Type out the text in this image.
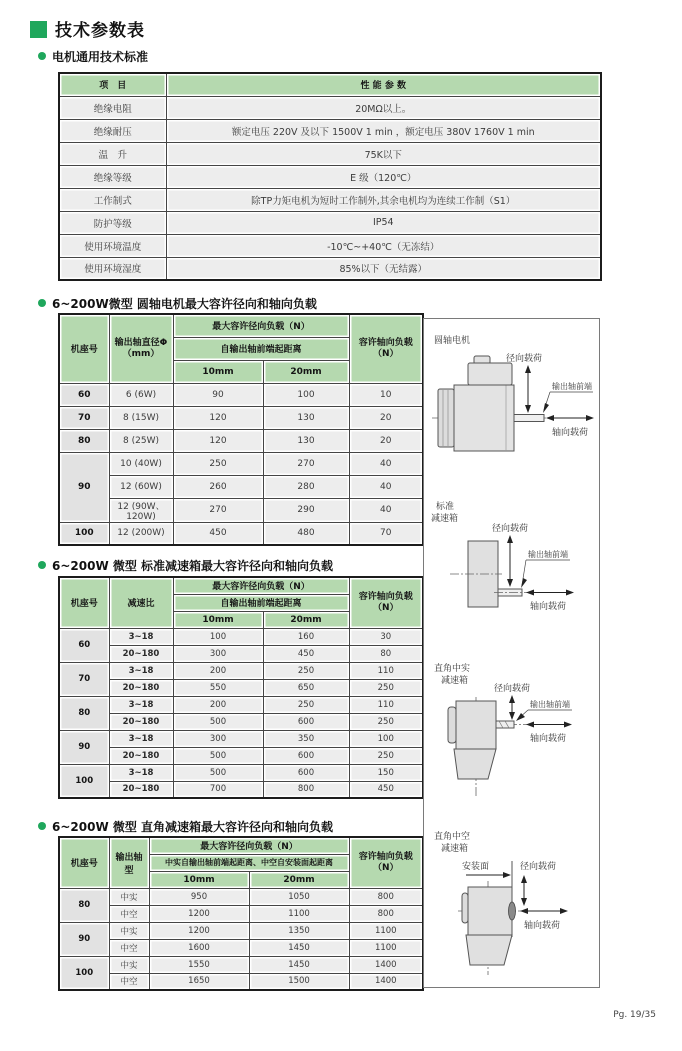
技术参数表
电机通用技术标准
项　目	性 能 参 数
绝缘电阻	20MΩ以上。
绝缘耐压	额定电压 220V 及以下 1500V 1 min ，额定电压 380V 1760V 1 min
温　升	75K以下
绝缘等级	E 级（120℃）
工作制式	除TP力矩电机为短时工作制外,其余电机均为连续工作制（S1）
防护等级	IP54
使用环境温度	-10℃~+40℃（无冻结）
使用环境湿度	85%以下（无结露）
6~200W微型 圆轴电机最大容许径向和轴向负载
机座号	
输出轴直径Φ
（mm）
	最大容许径向负载（N）	
容许轴向负载
（N）

		自输出轴前端起距离		
		10mm	20mm	
60	6 (6W)	90	100	10
70	8 (15W)	120	130	20
80	8 (25W)	120	130	20
90	10 (40W)	250	270	40
	12 (60W)	260	280	40
	12 (90W、120W)	270	290	40
100	12 (200W)	450	480	70
6~200W 微型 标准减速箱最大容许径向和轴向负载
机座号	减速比	最大容许径向负载（N）		容许轴向负载
（N）

		自输出轴前端起距离		
		10mm	20mm	
60	3~18	100	160	30
	20~180	300	450	80
70	3~18	200	250	110
	20~180	550	650	250
80	3~18	200	250	110
	20~180	500	600	250
90	3~18	300	350	100
	20~180	500	600	250
100	3~18	500	600	150
	20~180	700	800	450
6~200W 微型 直角减速箱最大容许径向和轴向负载
机座号	输出轴型	最大容许径向负载（N）		容许轴向负载
（N）

		中实自输出轴前端起距离、中空自安装面起距离		
		10mm	20mm	
80	中实	950	1050	800
	中空	1200	1100	800
90	中实	1200	1350	1100
	中空	1600	1450	1100
100	中实	1550	1450	1400
	中空	1650	1500	1400
圆轴电机
径向载荷
输出轴前端
轴向载荷
标准
减速箱
径向载荷
输出轴前端
轴向载荷
直角中实
减速箱
径向载荷
输出轴前端
轴向载荷
直角中空
减速箱
安装面	径向载荷
轴向载荷
Pg. 19/35
